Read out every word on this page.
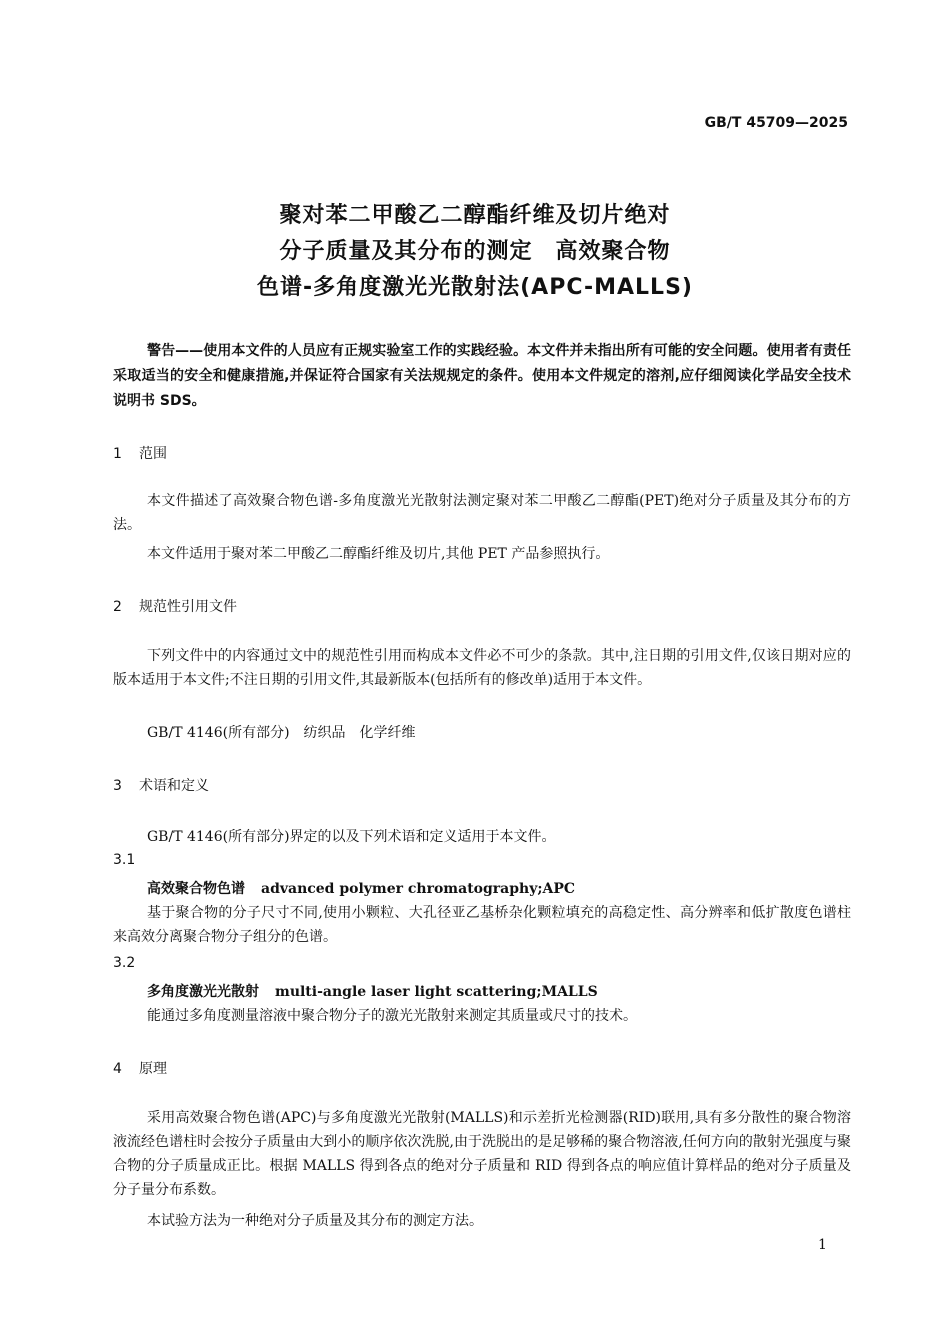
GB/T 45709—2025
聚对苯二甲酸乙二醇酯纤维及切片绝对
分子质量及其分布的测定　高效聚合物
色谱-多角度激光光散射法(APC-MALLS)
警告——使用本文件的人员应有正规实验室工作的实践经验。本文件并未指出所有可能的安全问题。使用者有责任采取适当的安全和健康措施,并保证符合国家有关法规规定的条件。使用本文件规定的溶剂,应仔细阅读化学品安全技术说明书 SDS。
1 范围
本文件描述了高效聚合物色谱-多角度激光光散射法测定聚对苯二甲酸乙二醇酯(PET)绝对分子质量及其分布的方法。
本文件适用于聚对苯二甲酸乙二醇酯纤维及切片,其他 PET 产品参照执行。
2 规范性引用文件
下列文件中的内容通过文中的规范性引用而构成本文件必不可少的条款。其中,注日期的引用文件,仅该日期对应的版本适用于本文件;不注日期的引用文件,其最新版本(包括所有的修改单)适用于本文件。
GB/T 4146(所有部分)　纺织品　化学纤维
3 术语和定义
GB/T 4146(所有部分)界定的以及下列术语和定义适用于本文件。
3.1
高效聚合物色谱 advanced polymer chromatography;APC
基于聚合物的分子尺寸不同,使用小颗粒、大孔径亚乙基桥杂化颗粒填充的高稳定性、高分辨率和低扩散度色谱柱来高效分离聚合物分子组分的色谱。
3.2
多角度激光光散射 multi-angle laser light scattering;MALLS
能通过多角度测量溶液中聚合物分子的激光光散射来测定其质量或尺寸的技术。
4 原理
采用高效聚合物色谱(APC)与多角度激光光散射(MALLS)和示差折光检测器(RID)联用,具有多分散性的聚合物溶液流经色谱柱时会按分子质量由大到小的顺序依次洗脱,由于洗脱出的是足够稀的聚合物溶液,任何方向的散射光强度与聚合物的分子质量成正比。根据 MALLS 得到各点的绝对分子质量和 RID 得到各点的响应值计算样品的绝对分子质量及分子量分布系数。
本试验方法为一种绝对分子质量及其分布的测定方法。
1
